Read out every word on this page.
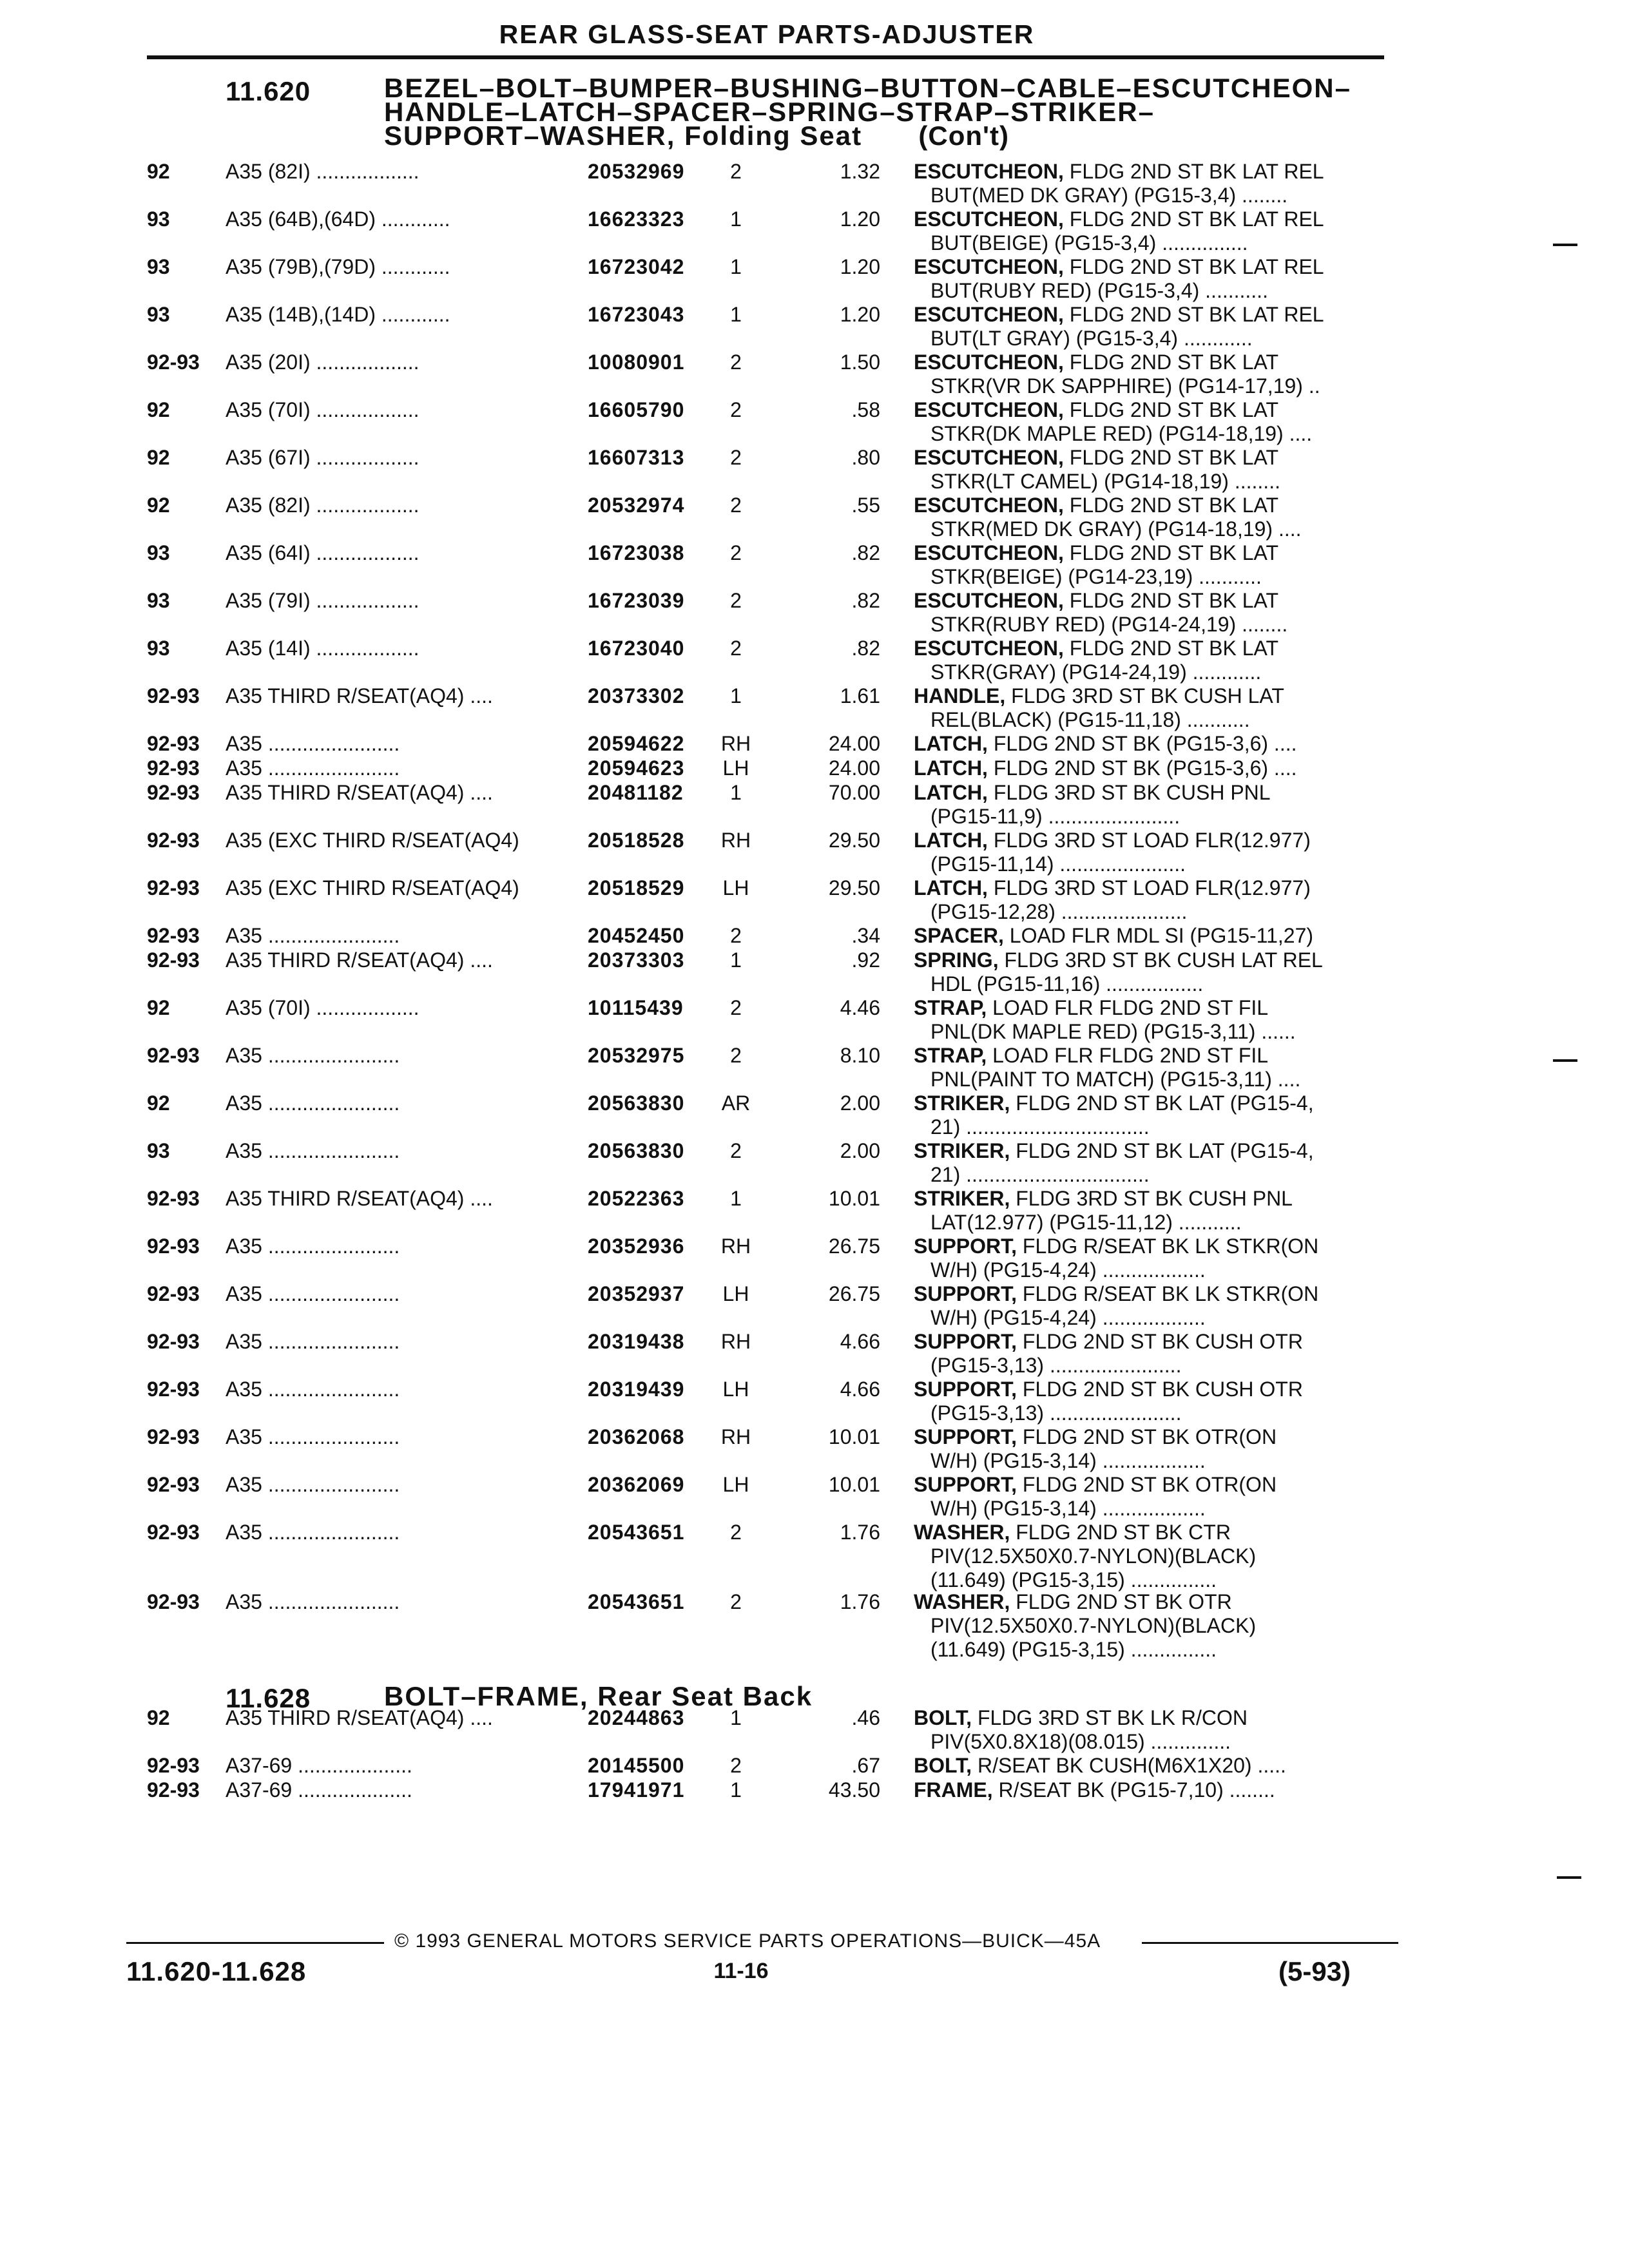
REAR GLASS-SEAT PARTS-ADJUSTER
11.620	BEZEL–BOLT–BUMPER–BUSHING–BUTTON–CABLE–ESCUTCHEON–
HANDLE–LATCH–SPACER–SPRING–STRAP–STRIKER–
SUPPORT–WASHER, Folding Seat (Con't)
92	A35 (82I) ..................	20532969	2	1.32 ESCUTCHEON, FLDG 2ND ST BK LAT REL
BUT(MED DK GRAY) (PG15-3,4) ........
93	A35 (64B),(64D) ............	16623323	1	1.20 ESCUTCHEON, FLDG 2ND ST BK LAT REL
BUT(BEIGE) (PG15-3,4) ...............
93	A35 (79B),(79D) ............	16723042	1	1.20 ESCUTCHEON, FLDG 2ND ST BK LAT REL
BUT(RUBY RED) (PG15-3,4) ...........
93	A35 (14B),(14D) ............	16723043	1	1.20 ESCUTCHEON, FLDG 2ND ST BK LAT REL
BUT(LT GRAY) (PG15-3,4) ............
92-93 A35 (20I) ..................	10080901	2	1.50 ESCUTCHEON, FLDG 2ND ST BK LAT
STKR(VR DK SAPPHIRE) (PG14-17,19) ..
92	A35 (70I) ..................	16605790	2	.58 ESCUTCHEON, FLDG 2ND ST BK LAT
STKR(DK MAPLE RED) (PG14-18,19) ....
92	A35 (67I) ..................	16607313	2	.80 ESCUTCHEON, FLDG 2ND ST BK LAT
STKR(LT CAMEL) (PG14-18,19) ........
92	A35 (82I) ..................	20532974	2	.55 ESCUTCHEON, FLDG 2ND ST BK LAT
STKR(MED DK GRAY) (PG14-18,19) ....
93	A35 (64I) ..................	16723038	2	.82 ESCUTCHEON, FLDG 2ND ST BK LAT
STKR(BEIGE) (PG14-23,19) ...........
93	A35 (79I) ..................	16723039	2	.82 ESCUTCHEON, FLDG 2ND ST BK LAT
STKR(RUBY RED) (PG14-24,19) ........
93	A35 (14I) ..................	16723040	2	.82 ESCUTCHEON, FLDG 2ND ST BK LAT
STKR(GRAY) (PG14-24,19) ............
92-93 A35 THIRD R/SEAT(AQ4) ....	20373302	1	1.61 HANDLE, FLDG 3RD ST BK CUSH LAT
REL(BLACK) (PG15-11,18) ...........
92-93 A35 .......................	20594622	RH	24.00 LATCH, FLDG 2ND ST BK (PG15-3,6) ....
92-93 A35 .......................	20594623	LH	24.00 LATCH, FLDG 2ND ST BK (PG15-3,6) ....
92-93 A35 THIRD R/SEAT(AQ4) ....	20481182	1	70.00 LATCH, FLDG 3RD ST BK CUSH PNL
(PG15-11,9) .......................
92-93 A35 (EXC THIRD R/SEAT(AQ4)	20518528	RH	29.50 LATCH, FLDG 3RD ST LOAD FLR(12.977)
(PG15-11,14) ......................
92-93 A35 (EXC THIRD R/SEAT(AQ4)	20518529	LH	29.50 LATCH, FLDG 3RD ST LOAD FLR(12.977)
(PG15-12,28) ......................
92-93 A35 .......................	20452450	2	.34 SPACER, LOAD FLR MDL SI (PG15-11,27)
92-93 A35 THIRD R/SEAT(AQ4) ....	20373303	1	.92 SPRING, FLDG 3RD ST BK CUSH LAT REL
HDL (PG15-11,16) .................
92	A35 (70I) ..................	10115439	2	4.46 STRAP, LOAD FLR FLDG 2ND ST FIL
PNL(DK MAPLE RED) (PG15-3,11) ......
92-93 A35 .......................	20532975	2	8.10 STRAP, LOAD FLR FLDG 2ND ST FIL
PNL(PAINT TO MATCH) (PG15-3,11) ....
92	A35 .......................	20563830	AR	2.00 STRIKER, FLDG 2ND ST BK LAT (PG15-4,
21) ................................
93	A35 .......................	20563830	2	2.00 STRIKER, FLDG 2ND ST BK LAT (PG15-4,
21) ................................
92-93 A35 THIRD R/SEAT(AQ4) ....	20522363	1	10.01 STRIKER, FLDG 3RD ST BK CUSH PNL
LAT(12.977) (PG15-11,12) ...........
92-93 A35 .......................	20352936	RH	26.75 SUPPORT, FLDG R/SEAT BK LK STKR(ON
W/H) (PG15-4,24) ..................
92-93 A35 .......................	20352937	LH	26.75 SUPPORT, FLDG R/SEAT BK LK STKR(ON
W/H) (PG15-4,24) ..................
92-93 A35 .......................	20319438	RH	4.66 SUPPORT, FLDG 2ND ST BK CUSH OTR
(PG15-3,13) .......................
92-93 A35 .......................	20319439	LH	4.66 SUPPORT, FLDG 2ND ST BK CUSH OTR
(PG15-3,13) .......................
92-93 A35 .......................	20362068	RH	10.01 SUPPORT, FLDG 2ND ST BK OTR(ON
W/H) (PG15-3,14) ..................
92-93 A35 .......................	20362069	LH	10.01 SUPPORT, FLDG 2ND ST BK OTR(ON
W/H) (PG15-3,14) ..................
92-93 A35 .......................	20543651	2	1.76 WASHER, FLDG 2ND ST BK CTR
PIV(12.5X50X0.7-NYLON)(BLACK)
(11.649) (PG15-3,15) ...............
92-93 A35 .......................	20543651	2	1.76 WASHER, FLDG 2ND ST BK OTR
PIV(12.5X50X0.7-NYLON)(BLACK)
(11.649) (PG15-3,15) ...............
11.628	BOLT–FRAME, Rear Seat Back
92	A35 THIRD R/SEAT(AQ4) ....	20244863	1	.46 BOLT, FLDG 3RD ST BK LK R/CON
PIV(5X0.8X18)(08.015) ..............
92-93 A37-69 ....................	20145500	2	.67 BOLT, R/SEAT BK CUSH(M6X1X20) .....
92-93 A37-69 ....................	17941971	1	43.50 FRAME, R/SEAT BK (PG15-7,10) ........
© 1993 GENERAL MOTORS SERVICE PARTS OPERATIONS—BUICK—45A
11.620-11.628	11-16	(5-93)
